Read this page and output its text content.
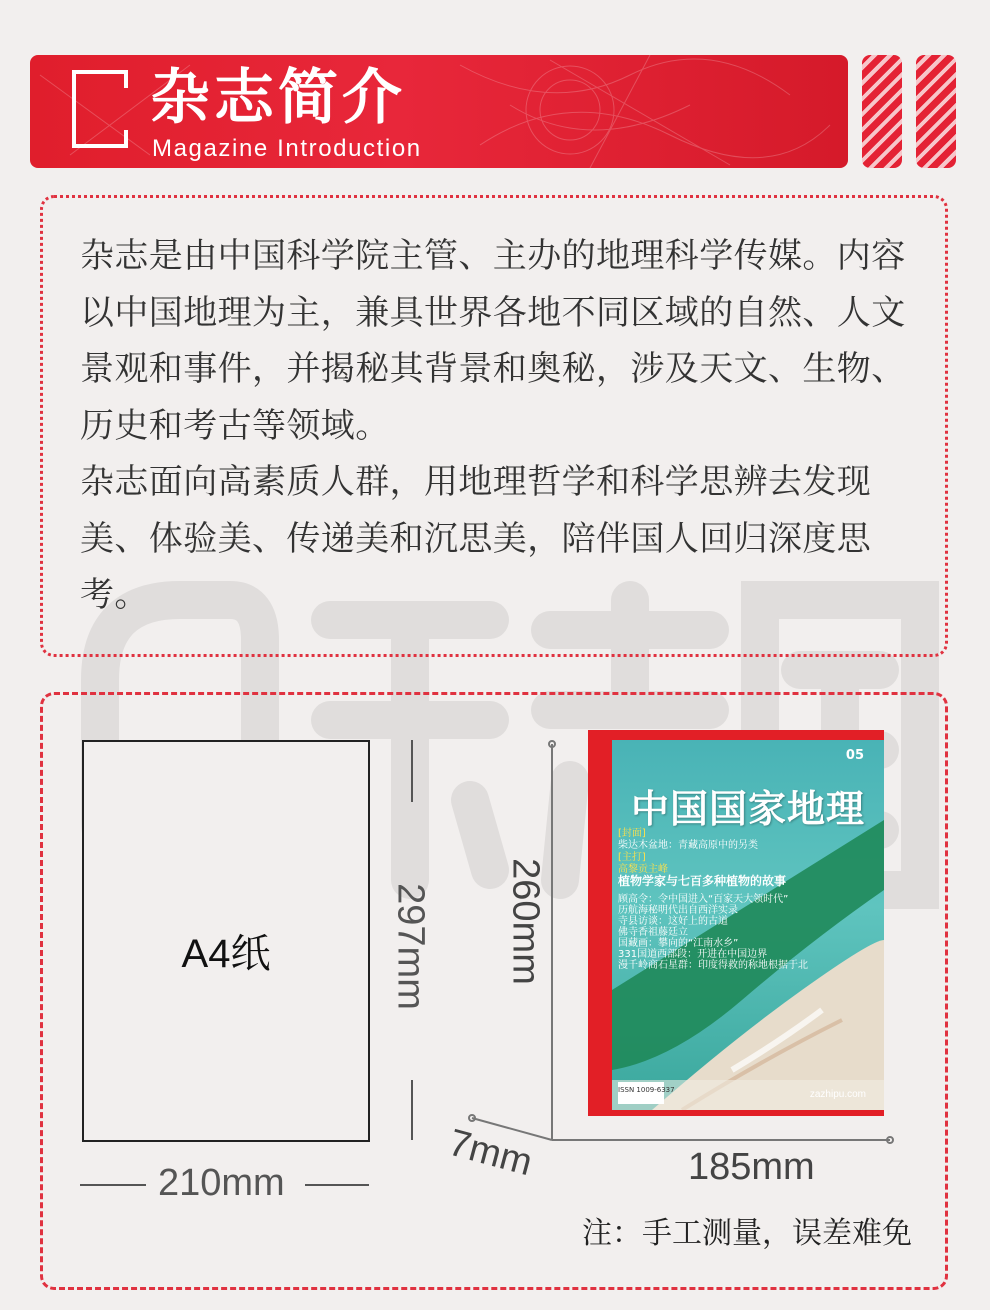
杂志简介
Magazine Introduction

杂志是由中国科学院主管、主办的地理科学传媒。内容以中国地理为主，兼具世界各地不同区域的自然、人文景观和事件，并揭秘其背景和奥秘，涉及天文、生物、历史和考古等领域。

杂志面向高素质人群，用地理哲学和科学思辨去发现美、体验美、传递美和沉思美，陪伴国人回归深度思考。

A4纸
210mm
297mm 260mm
185mm
7mm
中国国家地理
05
[封面]
柴达木盆地：青藏高原中的另类
[主打]
高黎贡主峰
植物学家与七百多种植物的故事
顾高令：令中国进入“百家天大领时代”
历航海秘明代出自西洋实录
寺县访谈：这好上的古道
佛寺香祖藤廷立
国藏画：攀向的“江南水乡”
331国道西部段：开进在中国边界
漫千岭商石星群：印度得救的称地根据于北
ISSN 1009-6337	zazhipu.com
注：手工测量，误差难免
